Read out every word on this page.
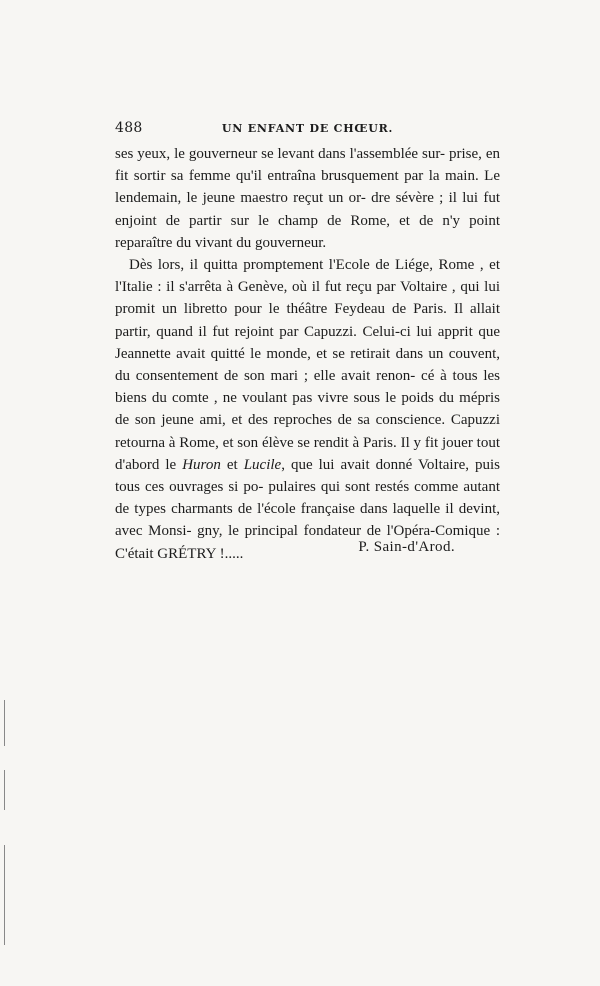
488	UN ENFANT DE CHŒUR.

ses yeux, le gouverneur se levant dans l'assemblée sur- prise, en fit sortir sa femme qu'il entraîna brusquement par la main. Le lendemain, le jeune maestro reçut un or- dre sévère ; il lui fut enjoint de partir sur le champ de Rome, et de n'y point reparaître du vivant du gouverneur.

Dès lors, il quitta promptement l'Ecole de Liége, Rome , et l'Italie : il s'arrêta à Genève, où il fut reçu par Voltaire , qui lui promit un libretto pour le théâtre Feydeau de Paris. Il allait partir, quand il fut rejoint par Capuzzi. Celui-ci lui apprit que Jeannette avait quitté le monde, et se retirait dans un couvent, du consentement de son mari ; elle avait renon- cé à tous les biens du comte , ne voulant pas vivre sous le poids du mépris de son jeune ami, et des reproches de sa conscience. Capuzzi retourna à Rome, et son élève se rendit à Paris. Il y fit jouer tout d'abord le Huron et Lucile, que lui avait donné Voltaire, puis tous ces ouvrages si po- pulaires qui sont restés comme autant de types charmants de l'école française dans laquelle il devint, avec Monsi- gny, le principal fondateur de l'Opéra-Comique : C'était GRÉTRY !.....	P. Sain-d'Arod.
